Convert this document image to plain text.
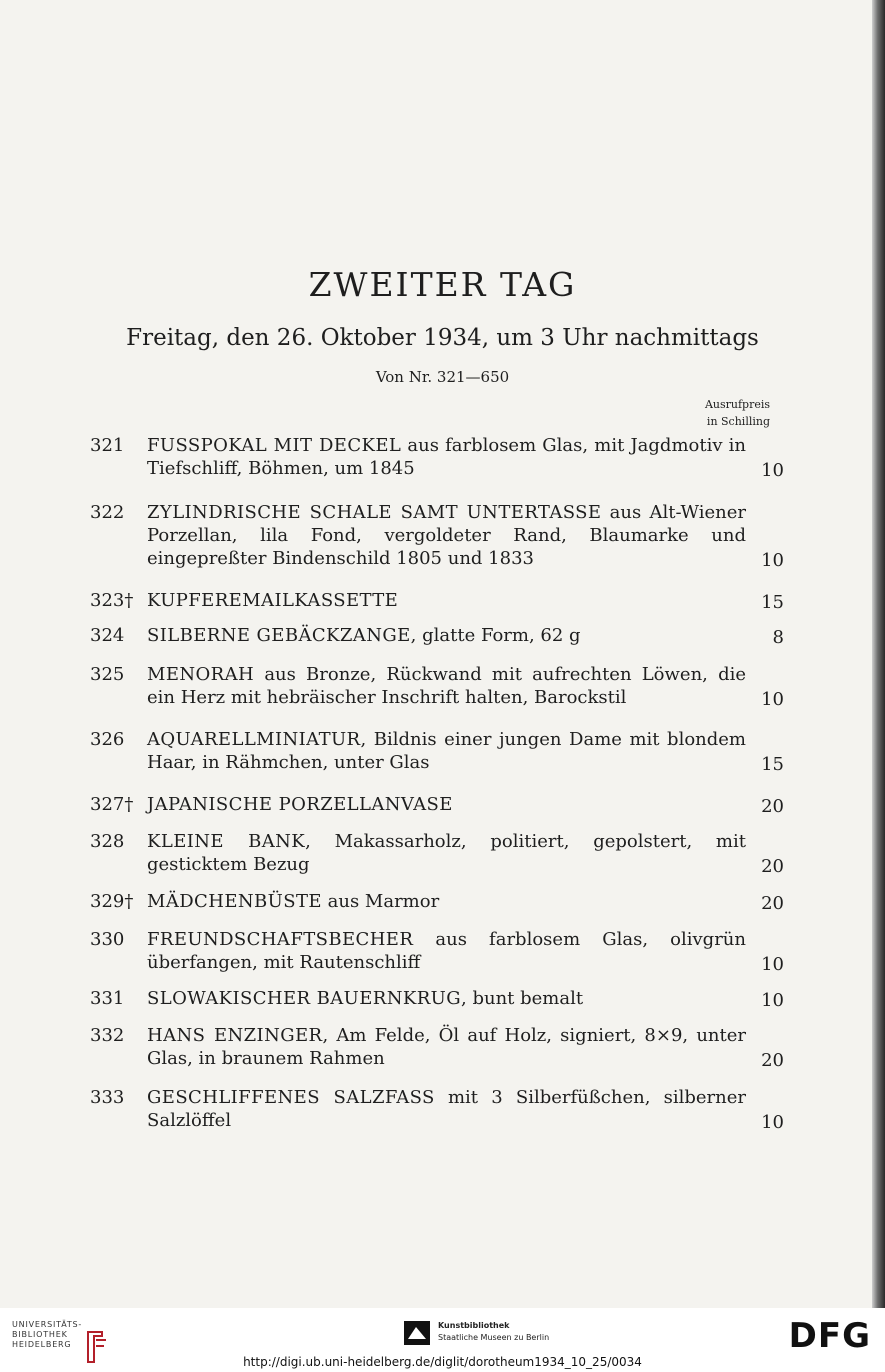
ZWEITER TAG
Freitag, den 26. Oktober 1934, um 3 Uhr nachmittags
Von Nr. 321—650
Ausrufpreis
in Schilling
321	FUSSPOKAL MIT DECKEL aus farblosem Glas, mit Jagdmotiv in Tiefschliff, Böhmen, um 1845	10
322	ZYLINDRISCHE SCHALE SAMT UNTERTASSE aus Alt-Wiener Porzellan, lila Fond, vergoldeter Rand, Blaumarke und eingepreßter Bindenschild 1805 und 1833	10
323† KUPFEREMAILKASSETTE	15
324	SILBERNE GEBÄCKZANGE, glatte Form, 62 g	8
325	MENORAH aus Bronze, Rückwand mit aufrechten Löwen, die ein Herz mit hebräischer Inschrift halten, Barockstil	10
326	AQUARELLMINIATUR, Bildnis einer jungen Dame mit blondem Haar, in Rähmchen, unter Glas	15
327† JAPANISCHE PORZELLANVASE	20
328	KLEINE BANK, Makassarholz, politiert, gepolstert, mit gesticktem Bezug	20
329† MÄDCHENBÜSTE aus Marmor	20
330	FREUNDSCHAFTSBECHER aus farblosem Glas, olivgrün überfangen, mit Rautenschliff	10
331	SLOWAKISCHER BAUERNKRUG, bunt bemalt	10
332	HANS ENZINGER, Am Felde, Öl auf Holz, signiert, 8×9, unter Glas, in braunem Rahmen	20
333	GESCHLIFFENES SALZFASS mit 3 Silberfüßchen, silberner Salzlöffel	10
UNIVERSITÄTS-
BIBLIOTHEK
HEIDELBERG
Kunstbibliothek
Staatliche Museen zu Berlin	DFG
http://digi.ub.uni-heidelberg.de/diglit/dorotheum1934_10_25/0034
